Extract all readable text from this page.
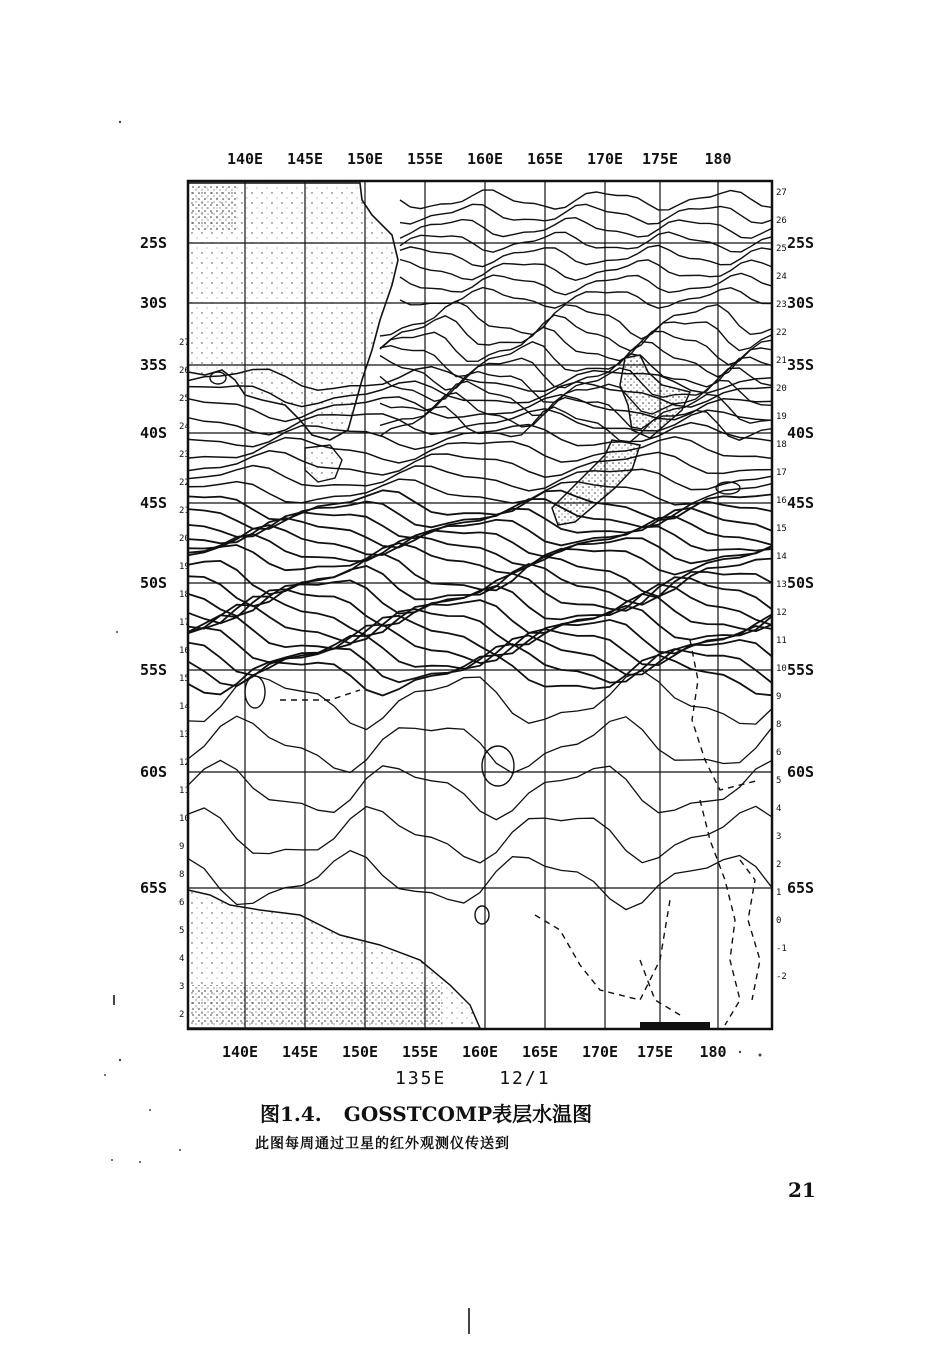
27
27
26
26
25
25
24
24
23
23
22
22
21
21
20
20
19
19
18
18
17
17
16
16
15
15
14
14
13
13
12
12
11
11
10
10
9
9
8
8
6
6
5
5
4
4
3
3
2
2
1
0
-1
-2
140E 145E 150E 155E 160E 165E 170E 175E 180
140E 145E 150E 155E 160E 165E 170E 175E 180
25S
30S
35S
40S
45S
50S
55S
60S
65S
25S
30S
35S
40S
45S
50S
55S
60S
65S
135E	12/1
图1.4. GOSSTCOMP表层水温图
此图每周通过卫星的红外观测仪传送到
21
